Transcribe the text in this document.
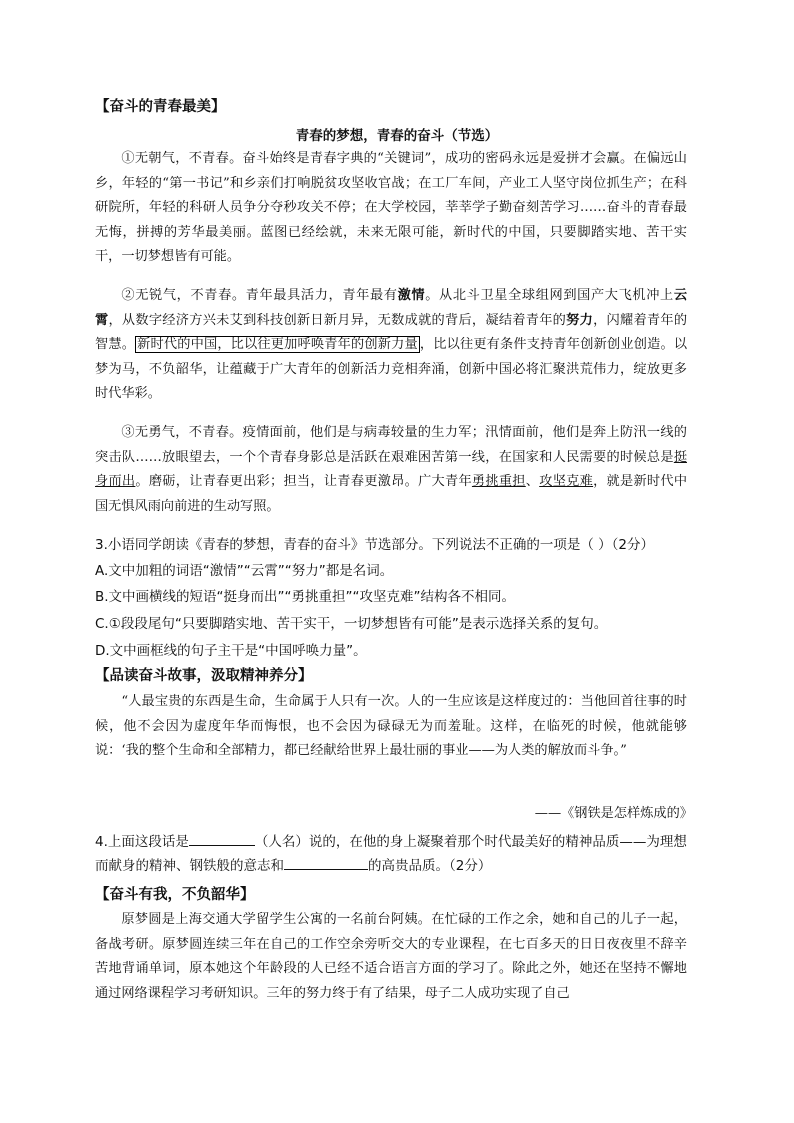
【奋斗的青春最美】
青春的梦想，青春的奋斗（节选）

①无朝气，不青春。奋斗始终是青春字典的“关键词”，成功的密码永远是爱拼才会赢。在偏远山乡，年轻的“第一书记”和乡亲们打响脱贫攻坚收官战；在工厂车间，产业工人坚守岗位抓生产；在科研院所，年轻的科研人员争分夺秒攻关不停；在大学校园，莘莘学子勤奋刻苦学习……奋斗的青春最无悔，拼搏的芳华最美丽。蓝图已经绘就，未来无限可能，新时代的中国，只要脚踏实地、苦干实干，一切梦想皆有可能。

②无锐气，不青春。青年最具活力，青年最有激情。从北斗卫星全球组网到国产大飞机冲上云霄，从数字经济方兴未艾到科技创新日新月异，无数成就的背后，凝结着青年的努力，闪耀着青年的智慧。 新时代的中国，比以往更加呼唤青年的创新力量 ，比以往更有条件支持青年创新创业创造。以梦为马，不负韶华，让蕴藏于广大青年的创新活力竞相奔涌，创新中国必将汇聚洪荒伟力，绽放更多时代华彩。

③无勇气，不青春。疫情面前，他们是与病毒较量的生力军；汛情面前，他们是奔上防汛一线的突击队……放眼望去，一个个青春身影总是活跃在艰难困苦第一线，在国家和人民需要的时候总是挺身而出。磨砺，让青春更出彩；担当，让青春更激昂。广大青年勇挑重担、攻坚克难，就是新时代中国无惧风雨向前进的生动写照。

3.小语同学朗读《青春的梦想，青春的奋斗》节选部分。下列说法不正确的一项是（ ）（2分）
A.文中加粗的词语“激情”“云霄”“努力”都是名词。
B.文中画横线的短语“挺身而出”“勇挑重担”“攻坚克难”结构各不相同。
C.①段段尾句“只要脚踏实地、苦干实干，一切梦想皆有可能”是表示选择关系的复句。
D.文中画框线的句子主干是“中国呼唤力量”。
【品读奋斗故事，汲取精神养分】

“人最宝贵的东西是生命，生命属于人只有一次。人的一生应该是这样度过的：当他回首往事的时候，他不会因为虚度年华而悔恨，也不会因为碌碌无为而羞耻。这样，在临死的时候，他就能够说：‘我的整个生命和全部精力，都已经献给世界上最壮丽的事业——为人类的解放而斗争。”

——《钢铁是怎样炼成的》
4.上面这段话是	（人名）说的，在他的身上凝聚着那个时代最美好的精神品质——为理想而献身的精神、钢铁般的意志和	的高贵品质。（2分）
【奋斗有我，不负韶华】

原梦圆是上海交通大学留学生公寓的一名前台阿姨。在忙碌的工作之余，她和自己的儿子一起，备战考研。原梦圆连续三年在自己的工作空余旁听交大的专业课程，在七百多天的日日夜夜里不辞辛苦地背诵单词，原本她这个年龄段的人已经不适合语言方面的学习了。除此之外，她还在坚持不懈地通过网络课程学习考研知识。三年的努力终于有了结果，母子二人成功实现了自己
